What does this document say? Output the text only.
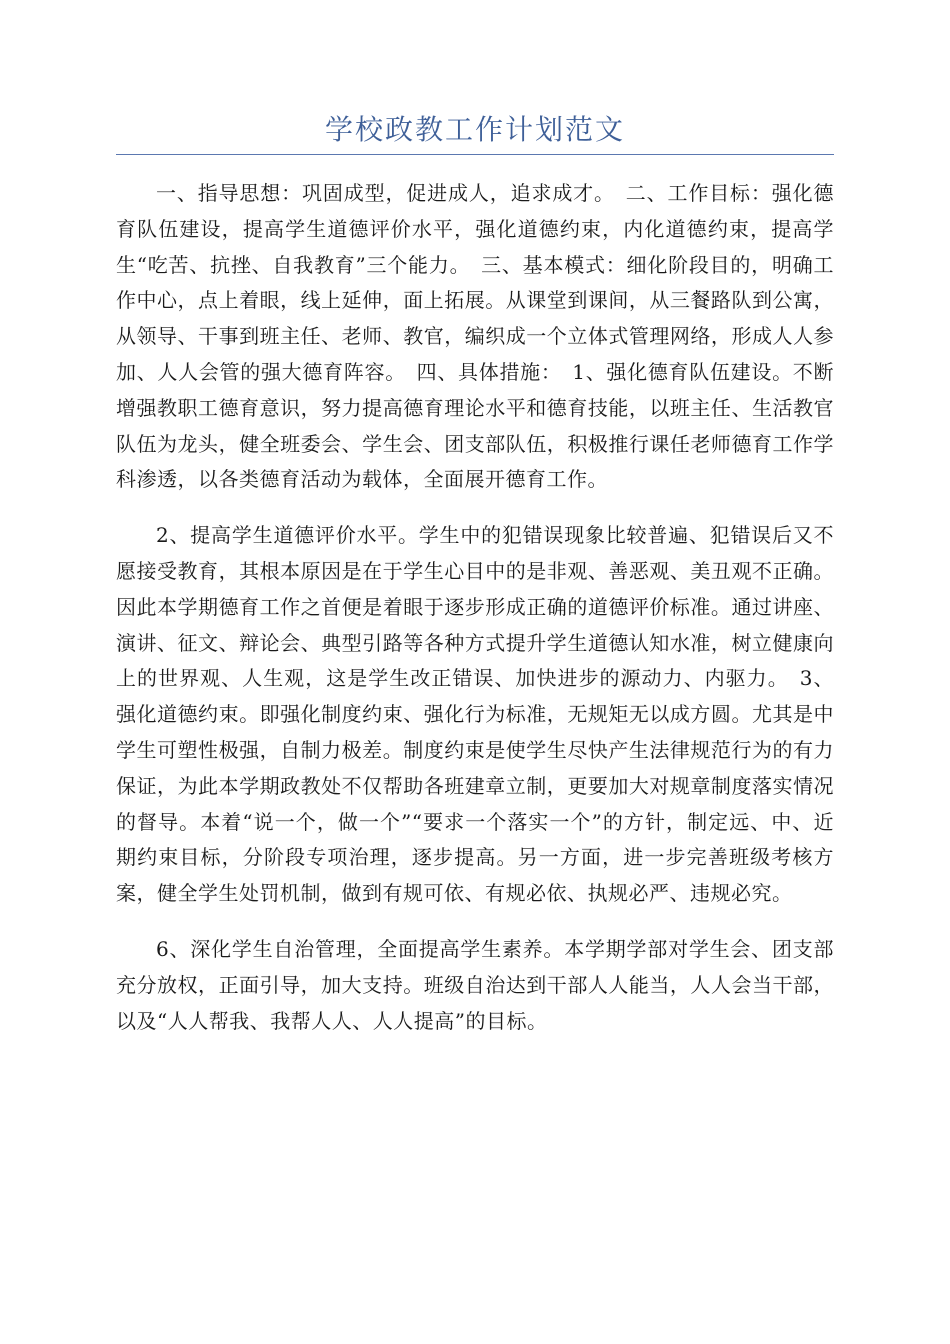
学校政教工作计划范文

一、指导思想：巩固成型，促进成人，追求成才。　二、工作目标：强化德育队伍建设，提高学生道德评价水平，强化道德约束，内化道德约束，提高学生“吃苦、抗挫、自我教育”三个能力。　三、基本模式：细化阶段目的，明确工作中心，点上着眼，线上延伸，面上拓展。从课堂到课间，从三餐路队到公寓，从领导、干事到班主任、老师、教官，编织成一个立体式管理网络，形成人人参加、人人会管的强大德育阵容。　四、具体措施：　1、强化德育队伍建设。不断增强教职工德育意识，努力提高德育理论水平和德育技能，以班主任、生活教官队伍为龙头，健全班委会、学生会、团支部队伍，积极推行课任老师德育工作学科渗透，以各类德育活动为载体，全面展开德育工作。

2、提高学生道德评价水平。学生中的犯错误现象比较普遍、犯错误后又不愿接受教育，其根本原因是在于学生心目中的是非观、善恶观、美丑观不正确。因此本学期德育工作之首便是着眼于逐步形成正确的道德评价标准。通过讲座、演讲、征文、辩论会、典型引路等各种方式提升学生道德认知水准，树立健康向上的世界观、人生观，这是学生改正错误、加快进步的源动力、内驱力。　3、强化道德约束。即强化制度约束、强化行为标准，无规矩无以成方圆。尤其是中学生可塑性极强，自制力极差。制度约束是使学生尽快产生法律规范行为的有力保证，为此本学期政教处不仅帮助各班建章立制，更要加大对规章制度落实情况的督导。本着“说一个，做一个”“要求一个落实一个”的方针，制定远、中、近期约束目标，分阶段专项治理，逐步提高。另一方面，进一步完善班级考核方案，健全学生处罚机制，做到有规可依、有规必依、执规必严、违规必究。

6、深化学生自治管理，全面提高学生素养。本学期学部对学生会、团支部充分放权，正面引导，加大支持。班级自治达到干部人人能当，人人会当干部，以及“人人帮我、我帮人人、人人提高”的目标。
